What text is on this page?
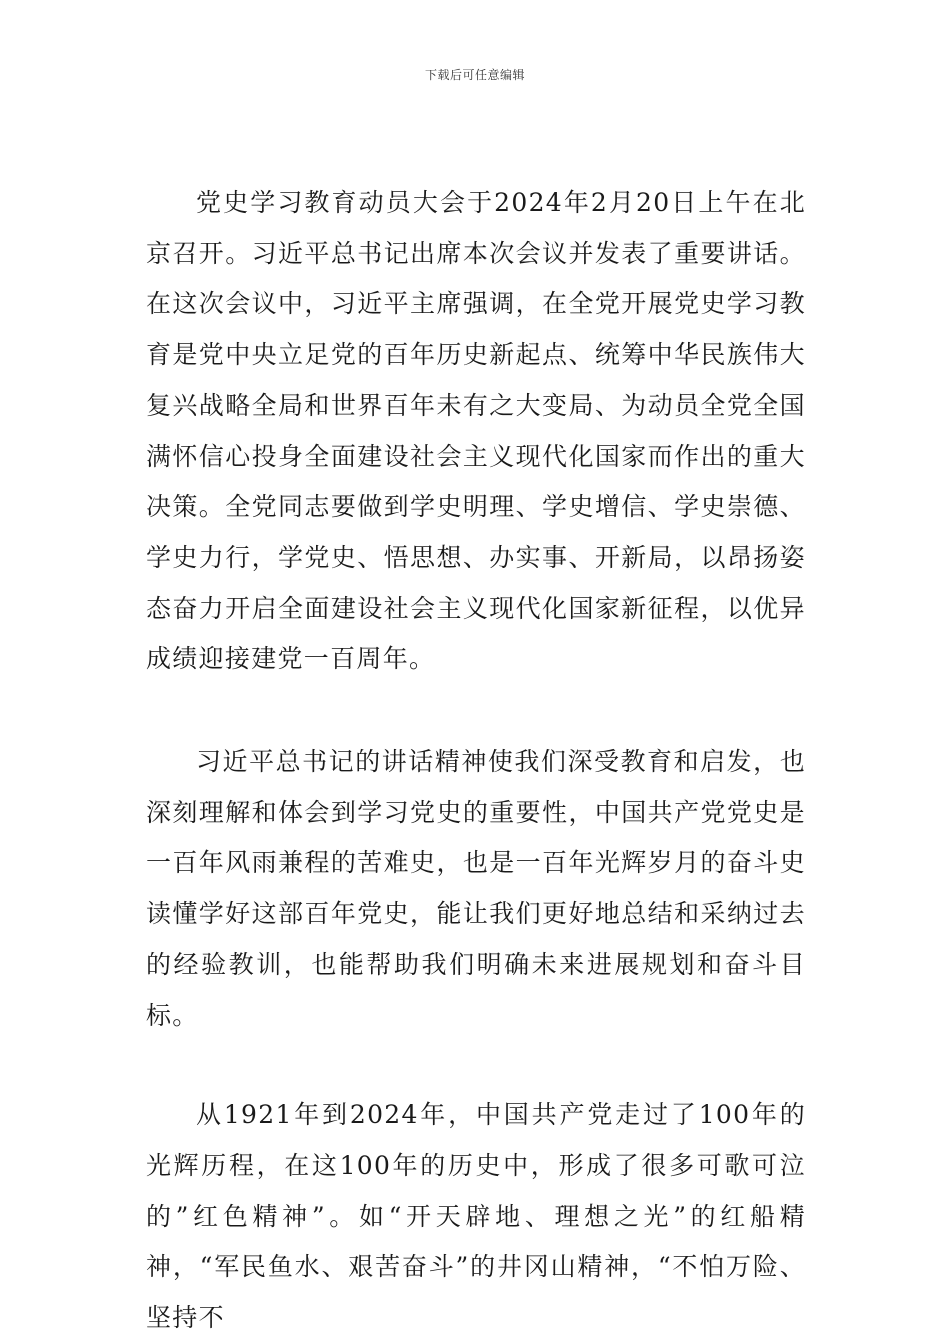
下载后可任意编辑

党史学习教育动员大会于2024年2月20日上午在北京召开。习近平总书记出席本次会议并发表了重要讲话。在这次会议中，习近平主席强调，在全党开展党史学习教育是党中央立足党的百年历史新起点、统筹中华民族伟大复兴战略全局和世界百年未有之大变局、为动员全党全国满怀信心投身全面建设社会主义现代化国家而作出的重大决策。全党同志要做到学史明理、学史增信、学史崇德、学史力行，学党史、悟思想、办实事、开新局，以昂扬姿态奋力开启全面建设社会主义现代化国家新征程，以优异成绩迎接建党一百周年。

习近平总书记的讲话精神使我们深受教育和启发，也深刻理解和体会到学习党史的重要性，中国共产党党史是一百年风雨兼程的苦难史，也是一百年光辉岁月的奋斗史读懂学好这部百年党史，能让我们更好地总结和采纳过去的经验教训，也能帮助我们明确未来进展规划和奋斗目标。

从1921年到2024年，中国共产党走过了100年的光辉历程，在这100年的历史中，形成了很多可歌可泣的”红色精神”。如“开天辟地、理想之光”的红船精神，“军民鱼水、艰苦奋斗”的井冈山精神，“不怕万险、坚持不
